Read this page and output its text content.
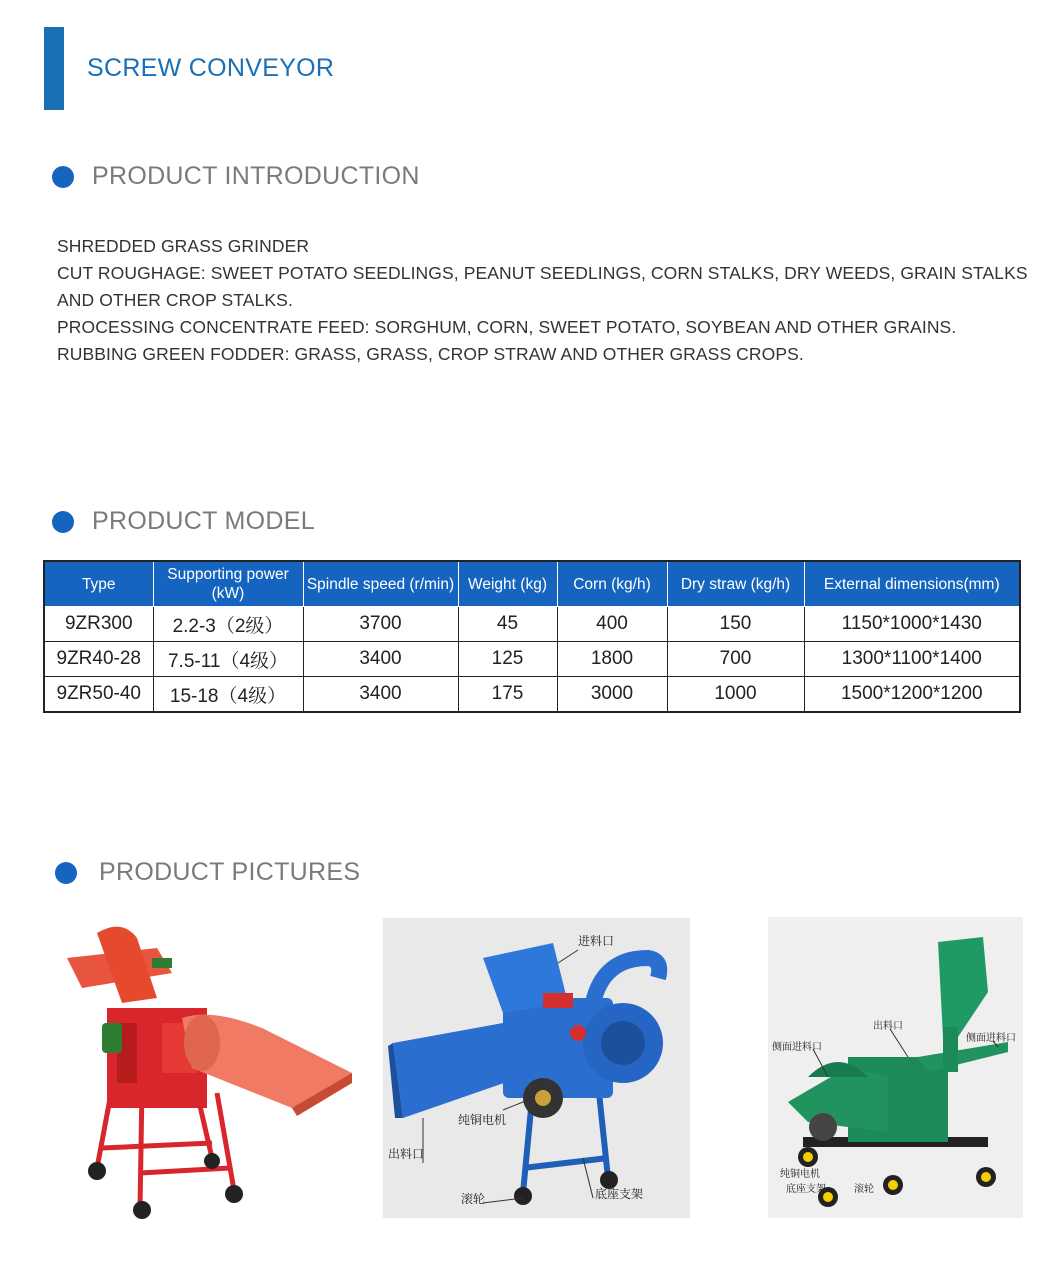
SCREW CONVEYOR
PRODUCT INTRODUCTION

SHREDDED GRASS GRINDER

CUT ROUGHAGE: SWEET POTATO SEEDLINGS, PEANUT SEEDLINGS, CORN STALKS, DRY WEEDS, GRAIN STALKS AND OTHER CROP STALKS.

PROCESSING CONCENTRATE FEED: SORGHUM, CORN, SWEET POTATO, SOYBEAN AND OTHER GRAINS.

RUBBING GREEN FODDER: GRASS, GRASS, CROP STRAW AND OTHER GRASS CROPS.

PRODUCT MODEL
Type	Supporting power (kW)	Spindle speed (r/min)	Weight (kg)	Corn (kg/h)	Dry straw (kg/h)	External dimensions(mm)
9ZR300	2.2-3（2级）	3700	45	400	150	1150*1000*1430
9ZR40-28	7.5-11（4级）	3400	125	1800	700	1300*1100*1400
9ZR50-40	15-18（4级）	3400	175	3000	1000	1500*1200*1200
PRODUCT PICTURES
进料口
纯铜电机
出料口
滚轮	底座支架
出料口
侧面进料口
侧面进料口
纯铜电机
底座支架	滚轮
